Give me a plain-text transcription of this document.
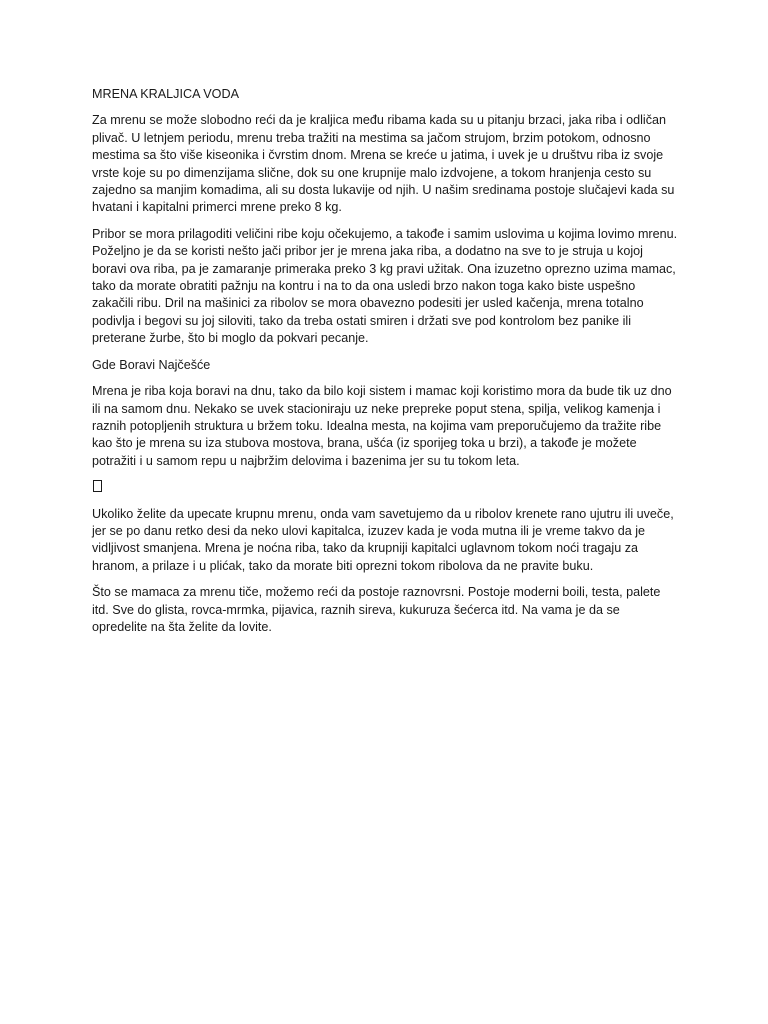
MRENA KRALJICA VODA

Za mrenu se može slobodno reći da je kraljica među ribama kada su u pitanju brzaci, jaka riba i odličan plivač. U letnjem periodu, mrenu treba tražiti na mestima sa jačom strujom, brzim potokom, odnosno mestima sa što više kiseonika i čvrstim dnom. Mrena se kreće u jatima, i uvek je u društvu riba iz svoje vrste koje su po dimenzijama slične, dok su one krupnije malo izdvojene, a tokom hranjenja cesto su zajedno sa manjim komadima, ali su dosta lukavije od njih. U našim sredinama postoje slučajevi kada su hvatani i kapitalni primerci mrene preko 8 kg.

Pribor se mora prilagoditi veličini ribe koju očekujemo, a takođe i samim uslovima u kojima lovimo mrenu. Poželjno je da se koristi nešto jači pribor jer je mrena jaka riba, a dodatno na sve to je struja u kojoj boravi ova riba, pa je zamaranje primeraka preko 3 kg pravi užitak. Ona izuzetno oprezno uzima mamac, tako da morate obratiti pažnju na kontru i na to da ona usledi brzo nakon toga kako biste uspešno zakačili ribu. Dril na mašinici za ribolov se mora obavezno podesiti jer usled kačenja, mrena totalno podivlja i begovi su joj siloviti, tako da treba ostati smiren i držati sve pod kontrolom bez panike ili preterane žurbe, što bi moglo da pokvari pecanje.

Gde Boravi Najčešće

Mrena je riba koja boravi na dnu, tako da bilo koji sistem i mamac koji koristimo mora da bude tik uz dno ili na samom dnu. Nekako se uvek stacioniraju uz neke prepreke poput stena, spilja, velikog kamenja i raznih potopljenih struktura u bržem toku. Idealna mesta, na kojima vam preporučujemo da tražite ribe kao što je mrena su iza stubova mostova, brana, ušća (iz sporijeg toka u brzi), a takođe je možete potražiti i u samom repu u najbržim delovima i bazenima jer su tu tokom leta.

Ukoliko želite da upecate krupnu mrenu, onda vam savetujemo da u ribolov krenete rano ujutru ili uveče, jer se po danu retko desi da neko ulovi kapitalca, izuzev kada je voda mutna ili je vreme takvo da je vidljivost smanjena. Mrena je noćna riba, tako da krupniji kapitalci uglavnom tokom noći tragaju za hranom, a prilaze i u plićak, tako da morate biti oprezni tokom ribolova da ne pravite buku.

Što se mamaca za mrenu tiče, možemo reći da postoje raznovrsni. Postoje moderni boili, testa, palete itd. Sve do glista, rovca-mrmka, pijavica, raznih sireva, kukuruza šećerca itd. Na vama je da se opredelite na šta želite da lovite.
